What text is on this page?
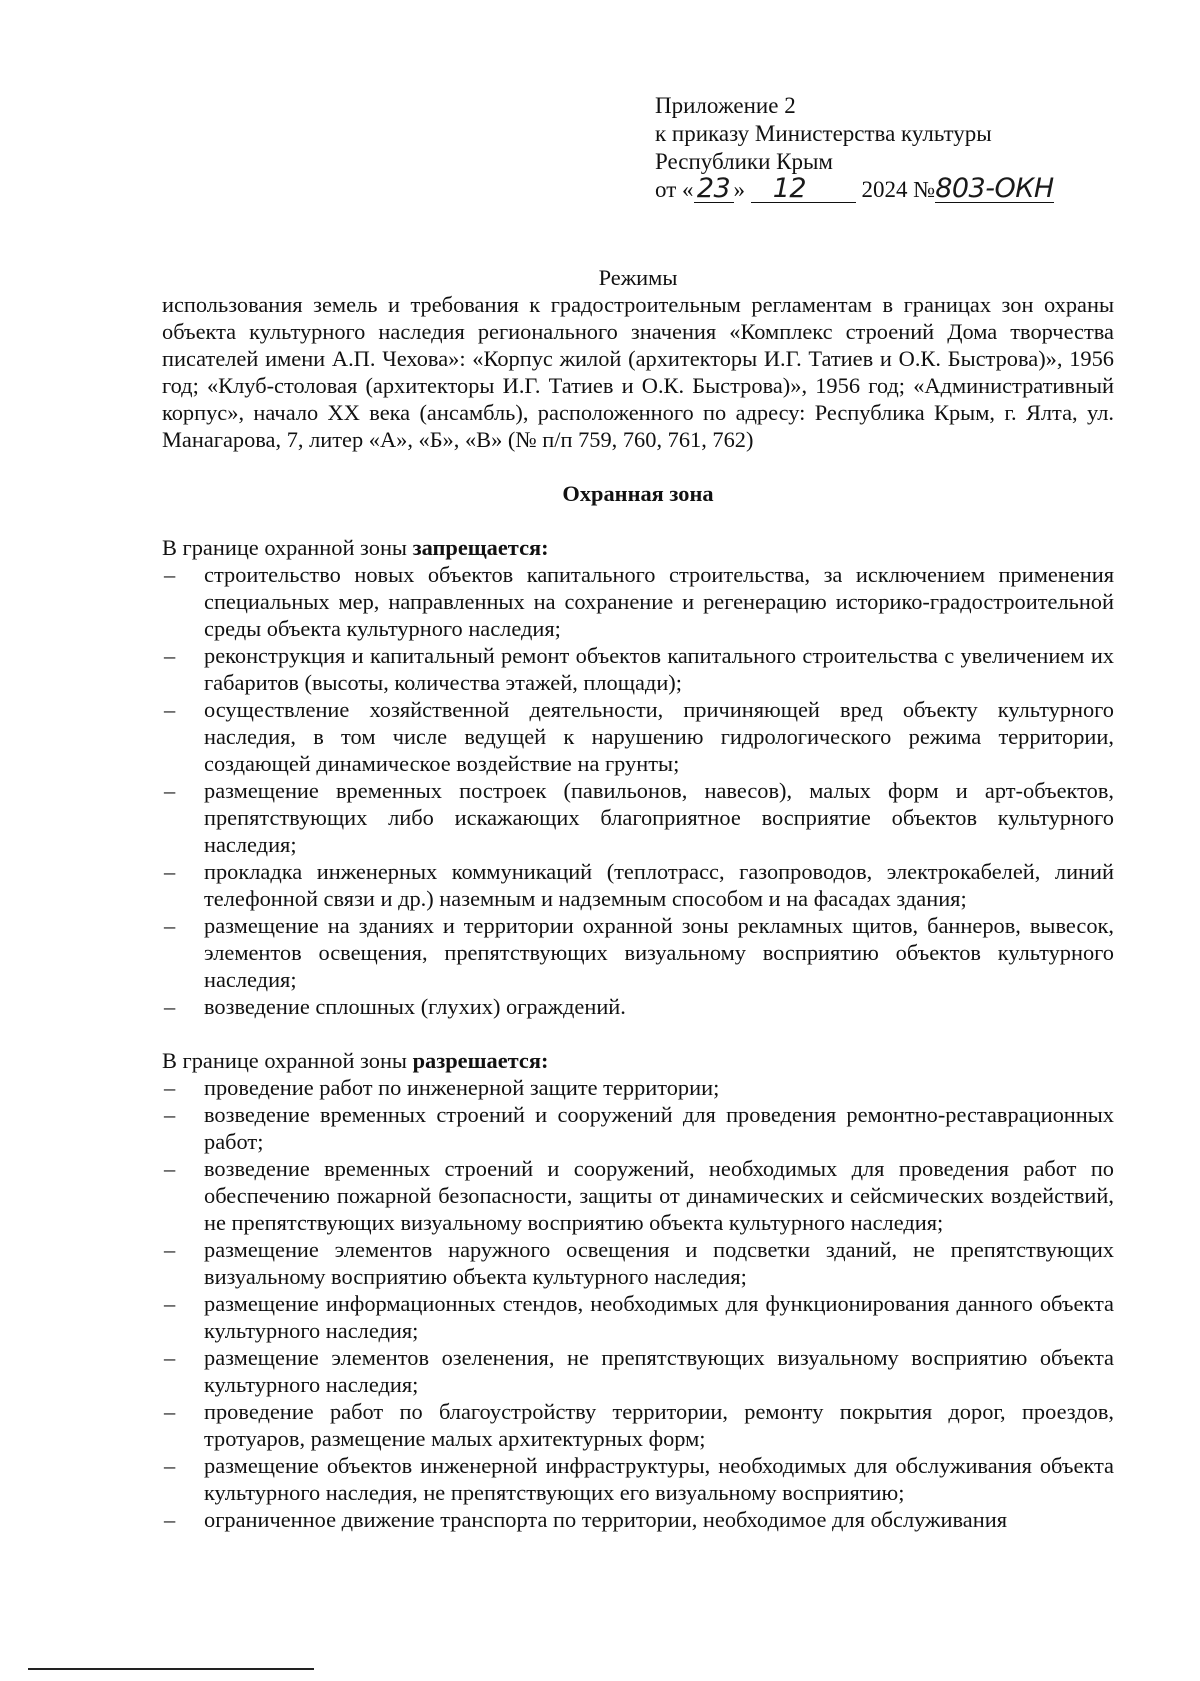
Приложение 2
к приказу Министерства культуры
Республики Крым
от « 23 » 12 2024 №803-ОКН

Режимы

использования земель и требования к градостроительным регламентам в границах зон охраны объекта культурного наследия регионального значения «Комплекс строений Дома творчества писателей имени А.П. Чехова»: «Корпус жилой (архитекторы И.Г. Татиев и О.К. Быстрова)», 1956 год; «Клуб-столовая (архитекторы И.Г. Татиев и О.К. Быстрова)», 1956 год; «Административный корпус», начало XX века (ансамбль), расположенного по адресу: Республика Крым, г. Ялта, ул. Манагарова, 7, литер «А», «Б», «В» (№ п/п 759, 760, 761, 762)

Охранная зона

В границе охранной зоны запрещается:

– строительство новых объектов капитального строительства, за исключением применения специальных мер, направленных на сохранение и регенерацию историко-градостроительной среды объекта культурного наследия;
– реконструкция и капитальный ремонт объектов капитального строительства с увеличением их габаритов (высоты, количества этажей, площади);
– осуществление хозяйственной деятельности, причиняющей вред объекту культурного наследия, в том числе ведущей к нарушению гидрологического режима территории, создающей динамическое воздействие на грунты;
– размещение временных построек (павильонов, навесов), малых форм и арт-объектов, препятствующих либо искажающих благоприятное восприятие объектов культурного наследия;
– прокладка инженерных коммуникаций (теплотрасс, газопроводов, электрокабелей, линий телефонной связи и др.) наземным и надземным способом и на фасадах здания;
– размещение на зданиях и территории охранной зоны рекламных щитов, баннеров, вывесок, элементов освещения, препятствующих визуальному восприятию объектов культурного наследия;
– возведение сплошных (глухих) ограждений.

В границе охранной зоны разрешается:

– проведение работ по инженерной защите территории;
– возведение временных строений и сооружений для проведения ремонтно-реставрационных работ;
– возведение временных строений и сооружений, необходимых для проведения работ по обеспечению пожарной безопасности, защиты от динамических и сейсмических воздействий, не препятствующих визуальному восприятию объекта культурного наследия;
– размещение элементов наружного освещения и подсветки зданий, не препятствующих визуальному восприятию объекта культурного наследия;
– размещение информационных стендов, необходимых для функционирования данного объекта культурного наследия;
– размещение элементов озеленения, не препятствующих визуальному восприятию объекта культурного наследия;
– проведение работ по благоустройству территории, ремонту покрытия дорог, проездов, тротуаров, размещение малых архитектурных форм;
– размещение объектов инженерной инфраструктуры, необходимых для обслуживания объекта культурного наследия, не препятствующих его визуальному восприятию;
– ограниченное движение транспорта по территории, необходимое для обслуживания
